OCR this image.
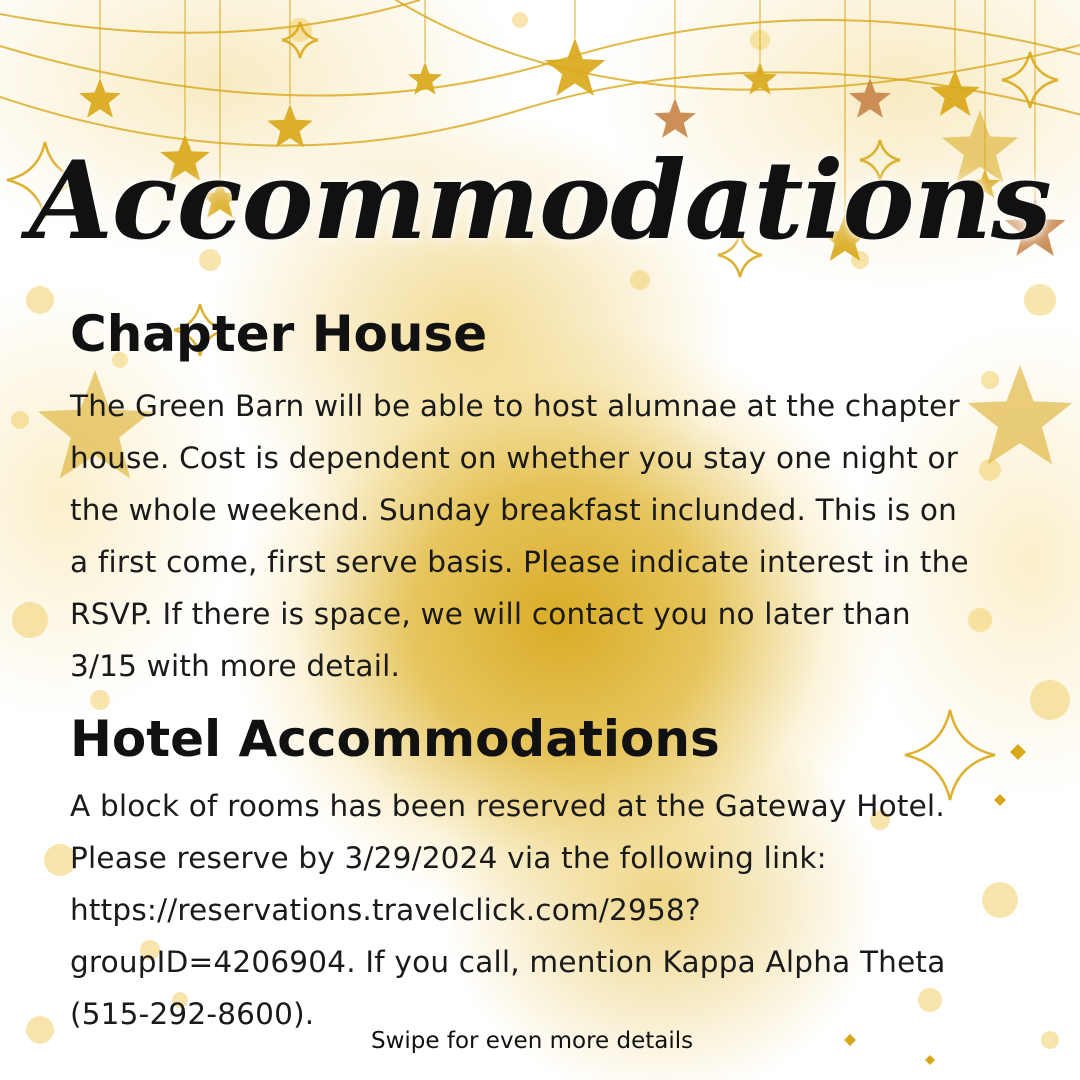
Accommodations
Chapter House
The Green Barn will be able to host alumnae at the chapter
house. Cost is dependent on whether you stay one night or
the whole weekend. Sunday breakfast inclunded. This is on
a first come, first serve basis. Please indicate interest in the
RSVP. If there is space, we will contact you no later than
3/15 with more detail.
Hotel Accommodations
A block of rooms has been reserved at the Gateway Hotel.
Please reserve by 3/29/2024 via the following link:
https://reservations.travelclick.com/2958?
groupID=4206904. If you call, mention Kappa Alpha Theta
(515-292-8600).
Swipe for even more details
